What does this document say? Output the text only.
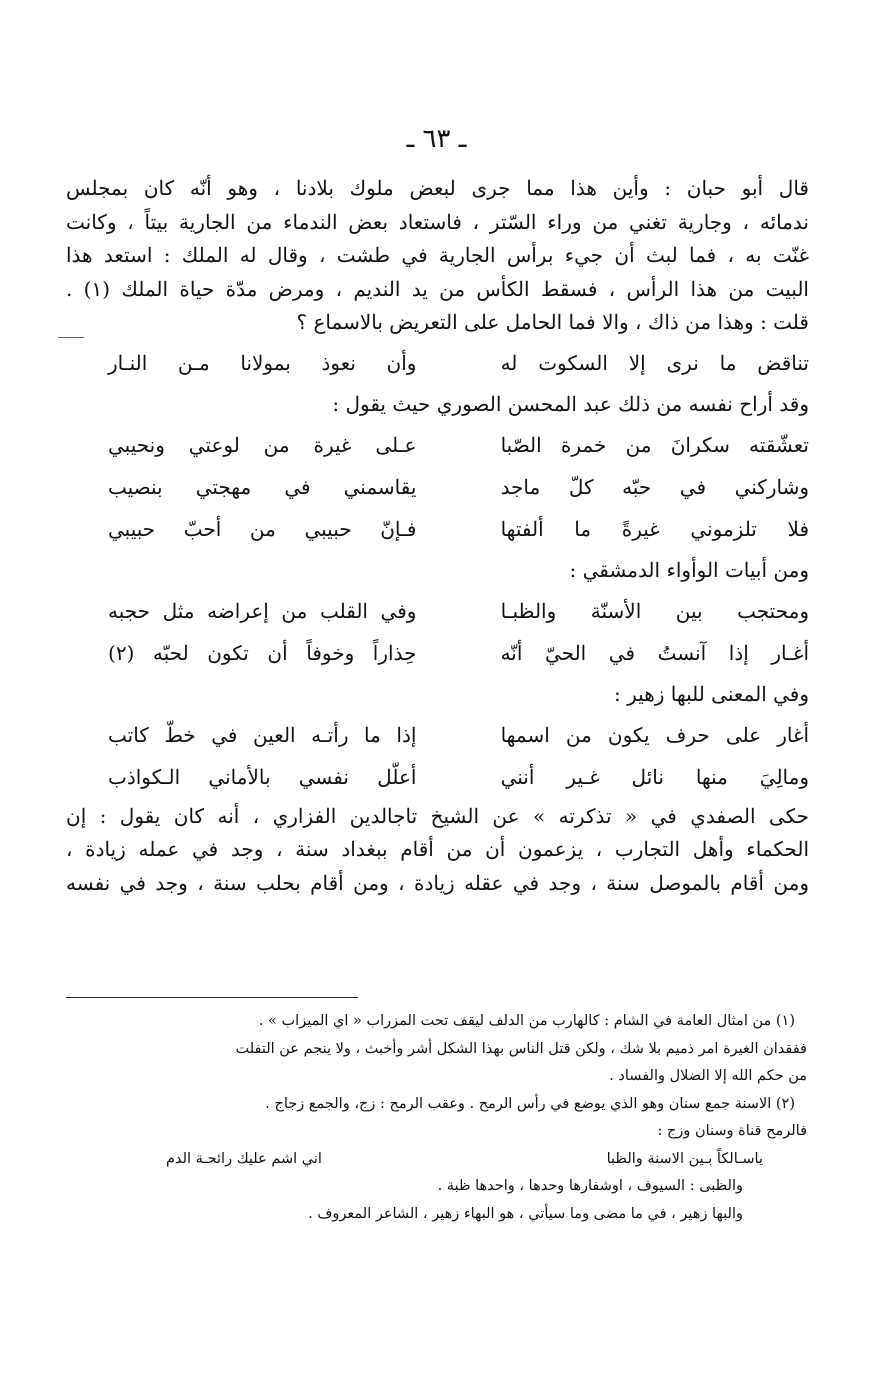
ـ ٦٣ ـ
قال أبو حبان : وأين هذا مما جرى لبعض ملوك بلادنا ، وهو أنّه كان بمجلس
ندمائه ، وجارية تغني من وراء السّتر ، فاستعاد بعض الندماء من الجارية بيتاً ، وكانت
غنّت به ، فما لبث أن جيء برأس الجارية في طشت ، وقال له الملك : استعد هذا
البيت من هذا الرأس ، فسقط الكأس من يد النديم ، ومرض مدّة حياة الملك (١) .
قلت : وهذا من ذاك ، والا فما الحامل على التعريض بالاسماع ؟
تناقض ما نرى إلا السكوت له
وأن نعوذ بمولانا مـن النـار
وقد أراح نفسه من ذلك عبد المحسن الصوري حيث يقول :
تعشّقته سكرانَ من خمرة الصّبا
عـلى غيرة من لوعتي ونحيبي
وشاركني في حبّه كلّ ماجد
يقاسمني في مهجتي بنصيب
فلا تلزموني غيرةً ما ألفتها
فـإنّ حبيبي من أحبّ حبيبي
ومن أبيات الوأواء الدمشقي :
ومحتجب بين الأسنّة والظبـا
وفي القلب من إعراضه مثل حجبه
أغـار إذا آنستُ في الحيّ أنّه
حِذاراً وخوفاً أن تكون لحبّه (٢)
وفي المعنى للبها زهير :
أغار على حرف يكون من اسمها
إذا ما رأتـه العين في خطّ كاتب
ومالِيَ منها نائل غـير أنني
أعلّل نفسي بالأماني الـكواذب
حكى الصفدي في « تذكرته » عن الشيخ تاجالدين الفزاري ، أنه كان يقول : إن
الحكماء وأهل التجارب ، يزعمون أن من أقام ببغداد سنة ، وجد في عمله زيادة ،
ومن أقام بالموصل سنة ، وجد في عقله زيادة ، ومن أقام بحلب سنة ، وجد في نفسه
(١) من امثال العامة في الشام : كالهارب من الدلف ليقف تحت المزراب « اي الميزاب » .
ففقدان الغيرة امر ذميم بلا شك ، ولكن قتل الناس بهذا الشكل أشر وأخبث ، ولا ينجم عن التفلت
من حكم الله إلا الضلال والفساد .
(٢) الاسنة جمع سنان وهو الذي يوضع في رأس الرمح . وعقب الرمح : زج، والجمع زجاج .
فالرمح قناة وسنان وزج :
ياسـالكاً بـين الاسنة والظبا
اني اشم عليك رائحـة الدم
والظبى : السيوف ، اوشفارها وحدها ، واحدها ظبة .
والبها زهير ، في ما مضى وما سيأتي ، هو البهاء زهير ، الشاعر المعروف .
